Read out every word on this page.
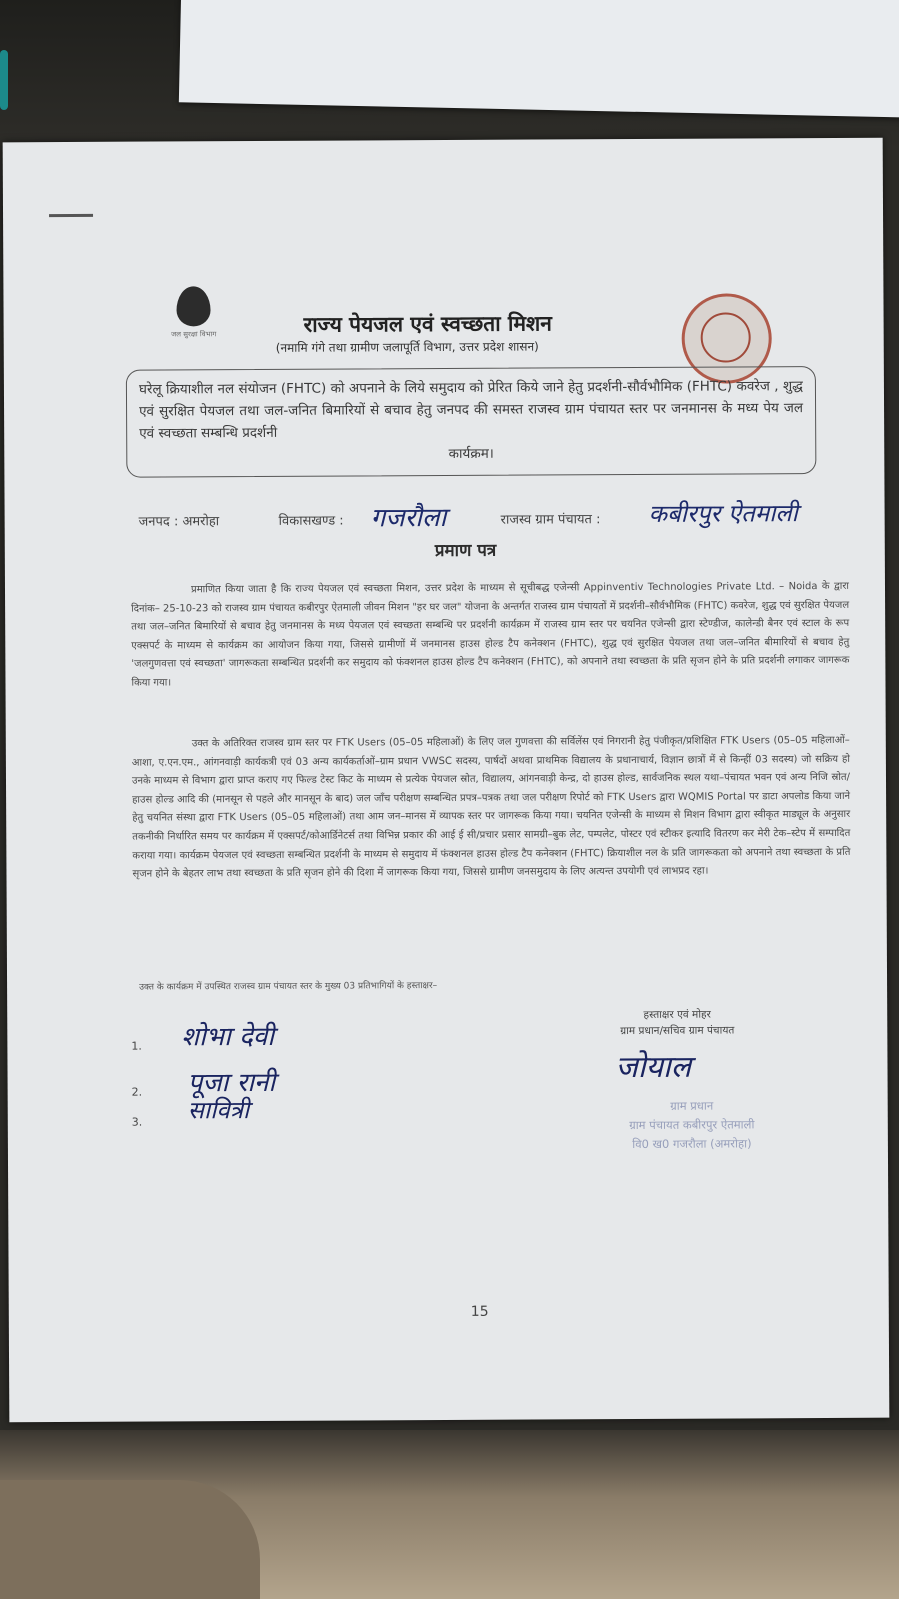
जल सुरक्षा विभाग	राज्य पेयजल एवं स्वच्छता मिशन
(नमामि गंगे तथा ग्रामीण जलापूर्ति विभाग, उत्तर प्रदेश शासन)
घरेलू क्रियाशील नल संयोजन (FHTC) को अपनाने के लिये समुदाय को प्रेरित किये जाने हेतु प्रदर्शनी-सौर्वभौमिक (FHTC) कवरेज , शुद्ध एवं सुरक्षित पेयजल तथा जल-जनित बिमारियों से बचाव हेतु जनपद की समस्त राजस्व ग्राम पंचायत स्तर पर जनमानस के मध्य पेय जल एवं स्वच्छता सम्बन्धि प्रदर्शनी
कार्यक्रम।
जनपद : अमरोहा	विकासखण्ड : गजरौला	राजस्व ग्राम पंचायत : कबीरपुर ऐतमाली
प्रमाण पत्र
प्रमाणित किया जाता है कि राज्य पेयजल एवं स्वच्छता मिशन, उत्तर प्रदेश के माध्यम से सूचीबद्ध एजेन्सी Appinventiv Technologies Private Ltd. – Noida के द्वारा दिनांक– 25-10-23 को राजस्व ग्राम पंचायत कबीरपुर ऐतमाली जीवन मिशन "हर घर जल" योजना के अन्तर्गत राजस्व ग्राम पंचायतों में प्रदर्शनी–सौर्वभौमिक (FHTC) कवरेज, शुद्ध एवं सुरक्षित पेयजल तथा जल–जनित बिमारियों से बचाव हेतु जनमानस के मध्य पेयजल एवं स्वच्छता सम्बन्धि पर प्रदर्शनी कार्यक्रम में राजस्व ग्राम स्तर पर चयनित एजेन्सी द्वारा स्टेण्डीज, कालेन्डी बैनर एवं स्टाल के रूप एक्सपर्ट के माध्यम से कार्यक्रम का आयोजन किया गया, जिससे ग्रामीणों में जनमानस हाउस होल्ड टैप कनेक्शन (FHTC), शुद्ध एवं सुरक्षित पेयजल तथा जल–जनित बीमारियों से बचाव हेतु 'जलगुणवत्ता एवं स्वच्छता' जागरूकता सम्बन्धित प्रदर्शनी कर समुदाय को फंक्शनल हाउस होल्ड टैप कनेक्शन (FHTC), को अपनाने तथा स्वच्छता के प्रति सृजन होने के प्रति प्रदर्शनी लगाकर जागरूक किया गया।
उक्त के अतिरिक्त राजस्व ग्राम स्तर पर FTK Users (05–05 महिलाओं) के लिए जल गुणवत्ता की सर्विलेंस एवं निगरानी हेतु पंजीकृत/प्रशिक्षित FTK Users (05–05 महिलाओं–आशा, ए.एन.एम., आंगनवाड़ी कार्यकत्री एवं 03 अन्य कार्यकर्ताओं–ग्राम प्रधान VWSC सदस्य, पार्षदों अथवा प्राथमिक विद्यालय के प्रधानाचार्य, विज्ञान छात्रों में से किन्हीं 03 सदस्य) जो सक्रिय हो उनके माध्यम से विभाग द्वारा प्राप्त कराए गए फिल्ड टेस्ट किट के माध्यम से प्रत्येक पेयजल स्रोत, विद्यालय, आंगनवाड़ी केन्द्र, दो हाउस होल्ड, सार्वजनिक स्थल यथा–पंचायत भवन एवं अन्य निजि स्रोत/हाउस होल्ड आदि की (मानसून से पहले और मानसून के बाद) जल जाँच परीक्षण सम्बन्धित प्रपत्र–पत्रक तथा जल परीक्षण रिपोर्ट को FTK Users द्वारा WQMIS Portal पर डाटा अपलोड किया जाने हेतु चयनित संस्था द्वारा FTK Users (05–05 महिलाओं) तथा आम जन–मानस में व्यापक स्तर पर जागरूक किया गया। चयनित एजेन्सी के माध्यम से मिशन विभाग द्वारा स्वीकृत माड्यूल के अनुसार तकनीकी निर्धारित समय पर कार्यक्रम में एक्सपर्ट/कोआर्डिनेटर्स तथा विभिन्न प्रकार की आई ई सी/प्रचार प्रसार सामग्री–बुक लेट, पम्पलेट, पोस्टर एवं स्टीकर इत्यादि वितरण कर मेरी टेक–स्टेप में सम्पादित कराया गया। कार्यक्रम पेयजल एवं स्वच्छता सम्बन्धित प्रदर्शनी के माध्यम से समुदाय में फंक्शनल हाउस होल्ड टैप कनेक्शन (FHTC) क्रियाशील नल के प्रति जागरूकता को अपनाने तथा स्वच्छता के प्रति सृजन होने के बेहतर लाभ तथा स्वच्छता के प्रति सृजन होने की दिशा में जागरूक किया गया, जिससे ग्रामीण जनसमुदाय के लिए अत्यन्त उपयोगी एवं लाभप्रद रहा।
उक्त के कार्यक्रम में उपस्थित राजस्व ग्राम पंचायत स्तर के मुख्य 03 प्रतिभागियों के हस्ताक्षर–
1. शोभा देवी
2. पूजा रानी
3. सावित्री
हस्ताक्षर एवं मोहर
ग्राम प्रधान/सचिव ग्राम पंचायत
जोयाल
ग्राम प्रधान
ग्राम पंचायत कबीरपुर ऐतमाली
वि0 ख0 गजरौला (अमरोहा)
15
